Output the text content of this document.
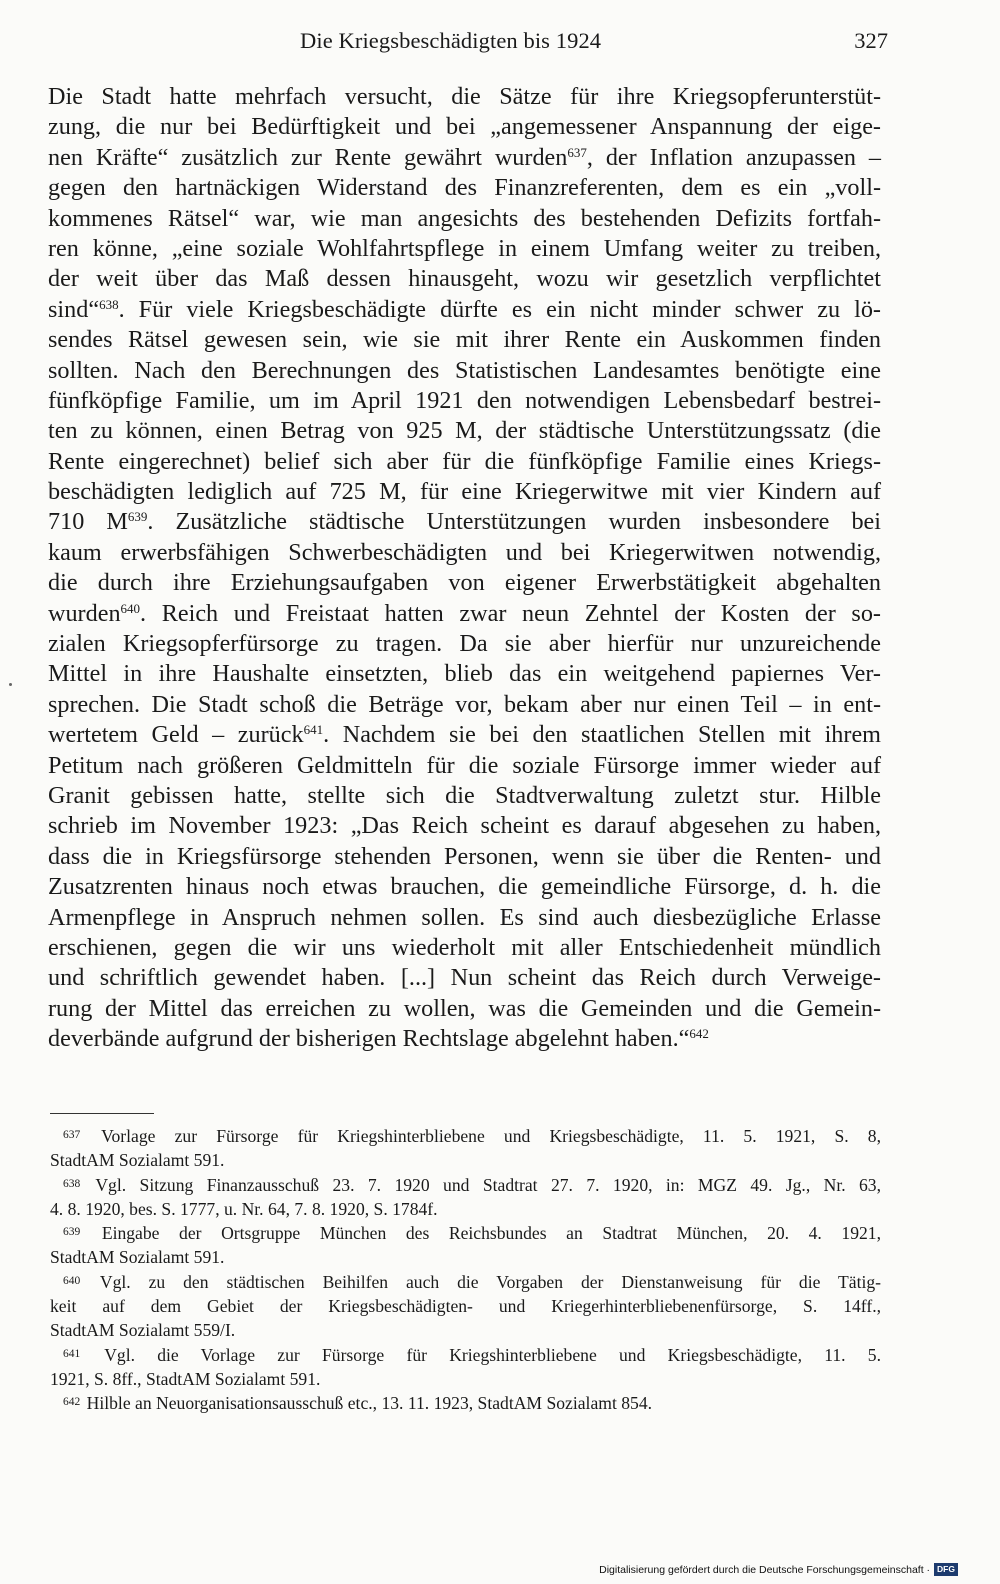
Die Kriegsbeschädigten bis 1924	327

Die Stadt hatte mehrfach versucht, die Sätze für ihre Kriegsopferunterstüt-

zung, die nur bei Bedürftigkeit und bei „angemessener Anspannung der eige-

nen Kräfte“ zusätzlich zur Rente gewährt wurden$^{637}$, der Inflation anzupassen –

gegen den hartnäckigen Widerstand des Finanzreferenten, dem es ein „voll-

kommenes Rätsel“ war, wie man angesichts des bestehenden Defizits fortfah-

ren könne, „eine soziale Wohlfahrtspflege in einem Umfang weiter zu treiben,

der weit über das Maß dessen hinausgeht, wozu wir gesetzlich verpflichtet

sind“$^{638}$. Für viele Kriegsbeschädigte dürfte es ein nicht minder schwer zu lö-

sendes Rätsel gewesen sein, wie sie mit ihrer Rente ein Auskommen finden

sollten. Nach den Berechnungen des Statistischen Landesamtes benötigte eine

fünfköpfige Familie, um im April 1921 den notwendigen Lebensbedarf bestrei-

ten zu können, einen Betrag von 925 M, der städtische Unterstützungssatz (die

Rente eingerechnet) belief sich aber für die fünfköpfige Familie eines Kriegs-

beschädigten lediglich auf 725 M, für eine Kriegerwitwe mit vier Kindern auf

710 M$^{639}$. Zusätzliche städtische Unterstützungen wurden insbesondere bei

kaum erwerbsfähigen Schwerbeschädigten und bei Kriegerwitwen notwendig,

die durch ihre Erziehungsaufgaben von eigener Erwerbstätigkeit abgehalten

wurden$^{640}$. Reich und Freistaat hatten zwar neun Zehntel der Kosten der so-

zialen Kriegsopferfürsorge zu tragen. Da sie aber hierfür nur unzureichende

Mittel in ihre Haushalte einsetzten, blieb das ein weitgehend papiernes Ver-

sprechen. Die Stadt schoß die Beträge vor, bekam aber nur einen Teil – in ent-

wertetem Geld – zurück$^{641}$. Nachdem sie bei den staatlichen Stellen mit ihrem

Petitum nach größeren Geldmitteln für die soziale Fürsorge immer wieder auf

Granit gebissen hatte, stellte sich die Stadtverwaltung zuletzt stur. Hilble

schrieb im November 1923: „Das Reich scheint es darauf abgesehen zu haben,

dass die in Kriegsfürsorge stehenden Personen, wenn sie über die Renten- und

Zusatzrenten hinaus noch etwas brauchen, die gemeindliche Fürsorge, d. h. die

Armenpflege in Anspruch nehmen sollen. Es sind auch diesbezügliche Erlasse

erschienen, gegen die wir uns wiederholt mit aller Entschiedenheit mündlich

und schriftlich gewendet haben. [...] Nun scheint das Reich durch Verweige-

rung der Mittel das erreichen zu wollen, was die Gemeinden und die Gemein-

deverbände aufgrund der bisherigen Rechtslage abgelehnt haben.“$^{642}$

$^{637}$ Vorlage zur Fürsorge für Kriegshinterbliebene und Kriegsbeschädigte, 11. 5. 1921, S. 8,

StadtAM Sozialamt 591.

$^{638}$ Vgl. Sitzung Finanzausschuß 23. 7. 1920 und Stadtrat 27. 7. 1920, in: MGZ 49. Jg., Nr. 63,

4. 8. 1920, bes. S. 1777, u. Nr. 64, 7. 8. 1920, S. 1784f.

$^{639}$ Eingabe der Ortsgruppe München des Reichsbundes an Stadtrat München, 20. 4. 1921,

StadtAM Sozialamt 591.

$^{640}$ Vgl. zu den städtischen Beihilfen auch die Vorgaben der Dienstanweisung für die Tätig-

keit auf dem Gebiet der Kriegsbeschädigten- und Kriegerhinterbliebenenfürsorge, S. 14ff.,

StadtAM Sozialamt 559/I.

$^{641}$ Vgl. die Vorlage zur Fürsorge für Kriegshinterbliebene und Kriegsbeschädigte, 11. 5.

1921, S. 8ff., StadtAM Sozialamt 591.

$^{642}$ Hilble an Neuorganisationsausschuß etc., 13. 11. 1923, StadtAM Sozialamt 854.

Digitalisierung gefördert durch die Deutsche Forschungsgemeinschaft · DFG
